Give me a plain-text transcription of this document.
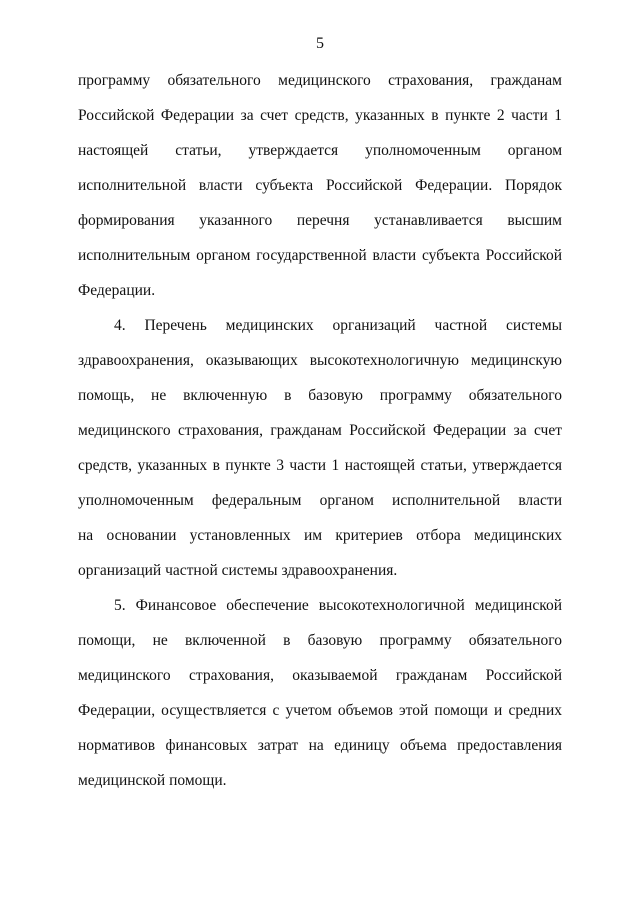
5
программу обязательного медицинского страхования, гражданам
Российской Федерации за счет средств, указанных в пункте 2 части 1
настоящей статьи, утверждается уполномоченным органом
исполнительной власти субъекта Российской Федерации. Порядок
формирования указанного перечня устанавливается высшим
исполнительным органом государственной власти субъекта Российской
Федерации.
4. Перечень медицинских организаций частной системы
здравоохранения, оказывающих высокотехнологичную медицинскую
помощь, не включенную в базовую программу обязательного
медицинского страхования, гражданам Российской Федерации за счет
средств, указанных в пункте 3 части 1 настоящей статьи, утверждается
уполномоченным федеральным органом исполнительной власти
на основании установленных им критериев отбора медицинских
организаций частной системы здравоохранения.
5. Финансовое обеспечение высокотехнологичной медицинской
помощи, не включенной в базовую программу обязательного
медицинского страхования, оказываемой гражданам Российской
Федерации, осуществляется с учетом объемов этой помощи и средних
нормативов финансовых затрат на единицу объема предоставления
медицинской помощи.
